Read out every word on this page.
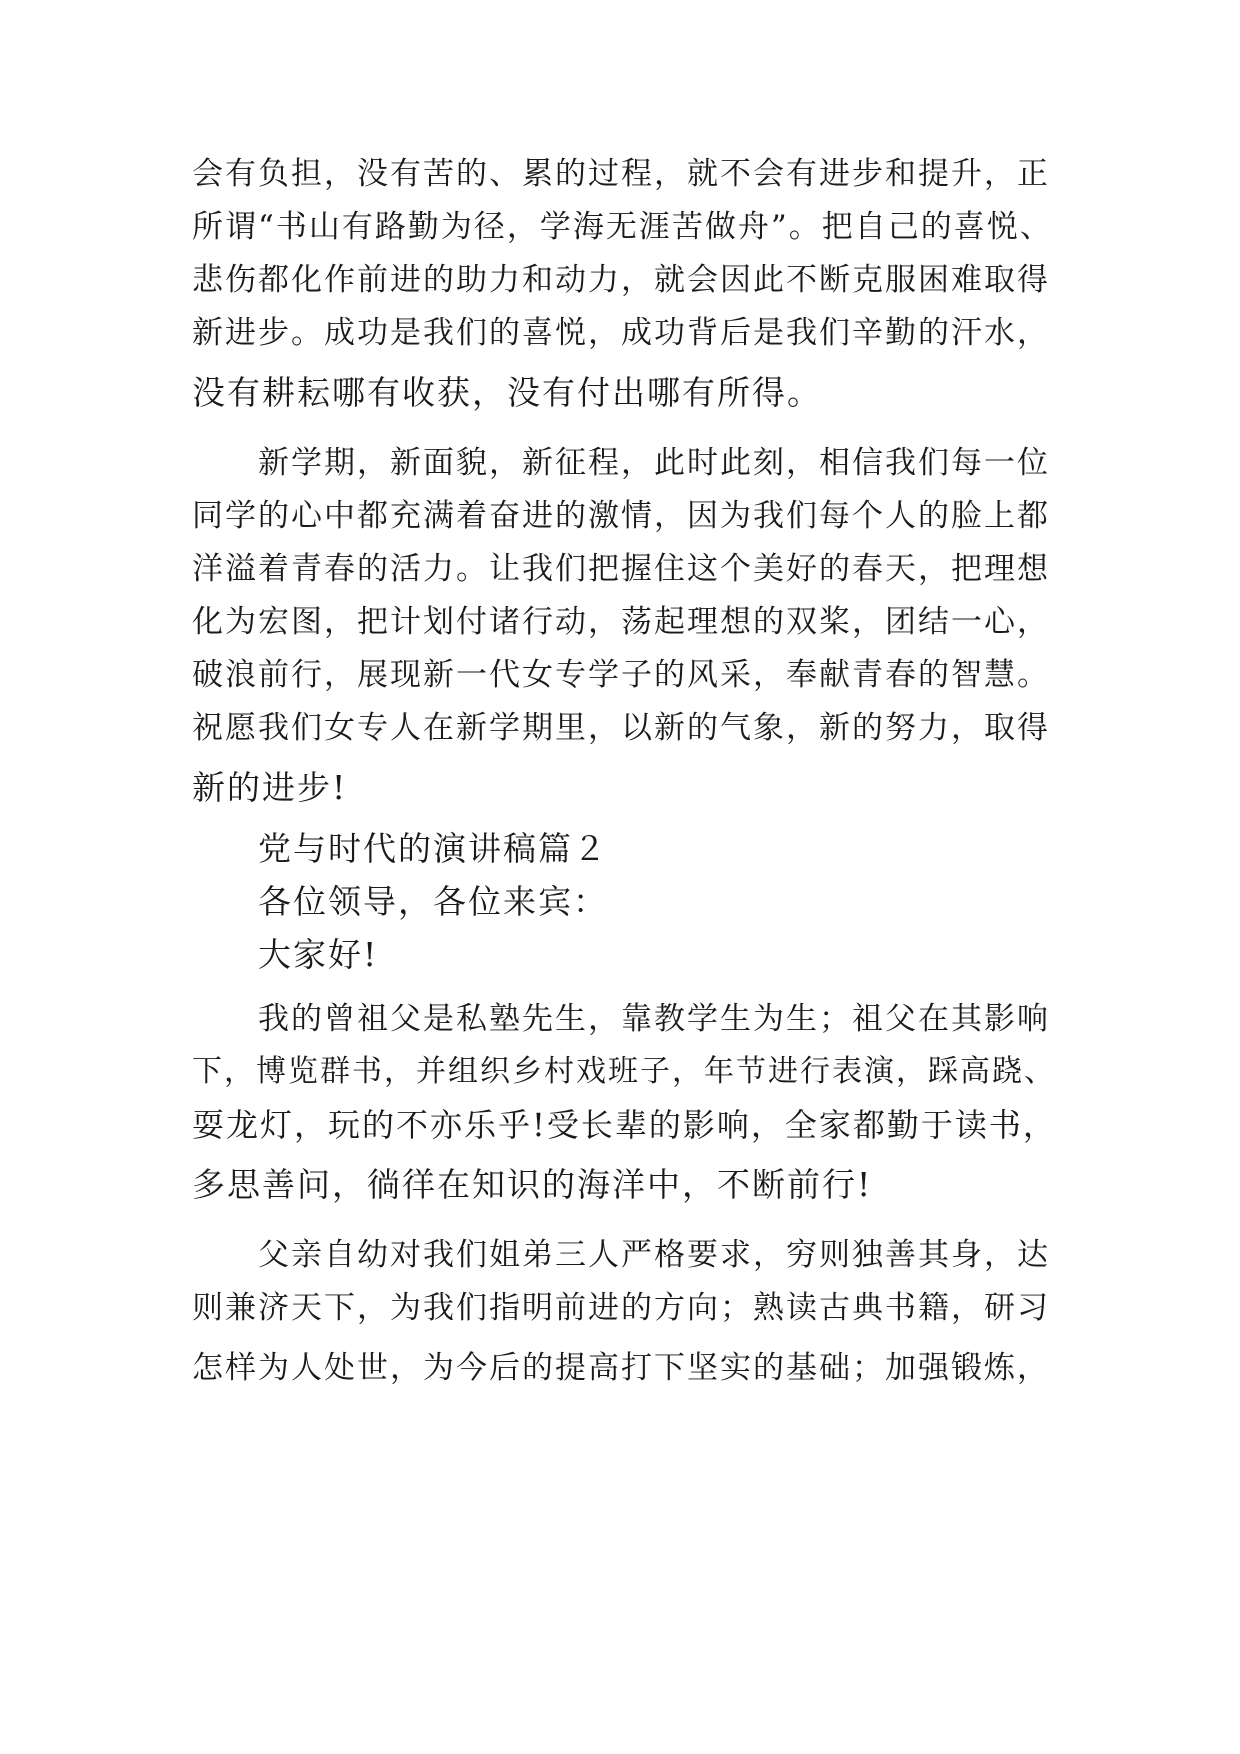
会有负担，没有苦的、累的过程，就不会有进步和提升，正
所谓“书山有路勤为径，学海无涯苦做舟”。把自己的喜悦、
悲伤都化作前进的助力和动力，就会因此不断克服困难取得
新进步。成功是我们的喜悦，成功背后是我们辛勤的汗水，
没有耕耘哪有收获，没有付出哪有所得。
新学期，新面貌，新征程，此时此刻，相信我们每一位
同学的心中都充满着奋进的激情，因为我们每个人的脸上都
洋溢着青春的活力。让我们把握住这个美好的春天，把理想
化为宏图，把计划付诸行动，荡起理想的双桨，团结一心，
破浪前行，展现新一代女专学子的风采，奉献青春的智慧。
祝愿我们女专人在新学期里，以新的气象，新的努力，取得
新的进步!
党与时代的演讲稿篇２
各位领导，各位来宾：
大家好!
我的曾祖父是私塾先生，靠教学生为生；祖父在其影响
下，博览群书，并组织乡村戏班子，年节进行表演，踩高跷、
耍龙灯，玩的不亦乐乎!受长辈的影响，全家都勤于读书，
多思善问，徜徉在知识的海洋中，不断前行!
父亲自幼对我们姐弟三人严格要求，穷则独善其身，达
则兼济天下，为我们指明前进的方向；熟读古典书籍，研习
怎样为人处世，为今后的提高打下坚实的基础；加强锻炼，
